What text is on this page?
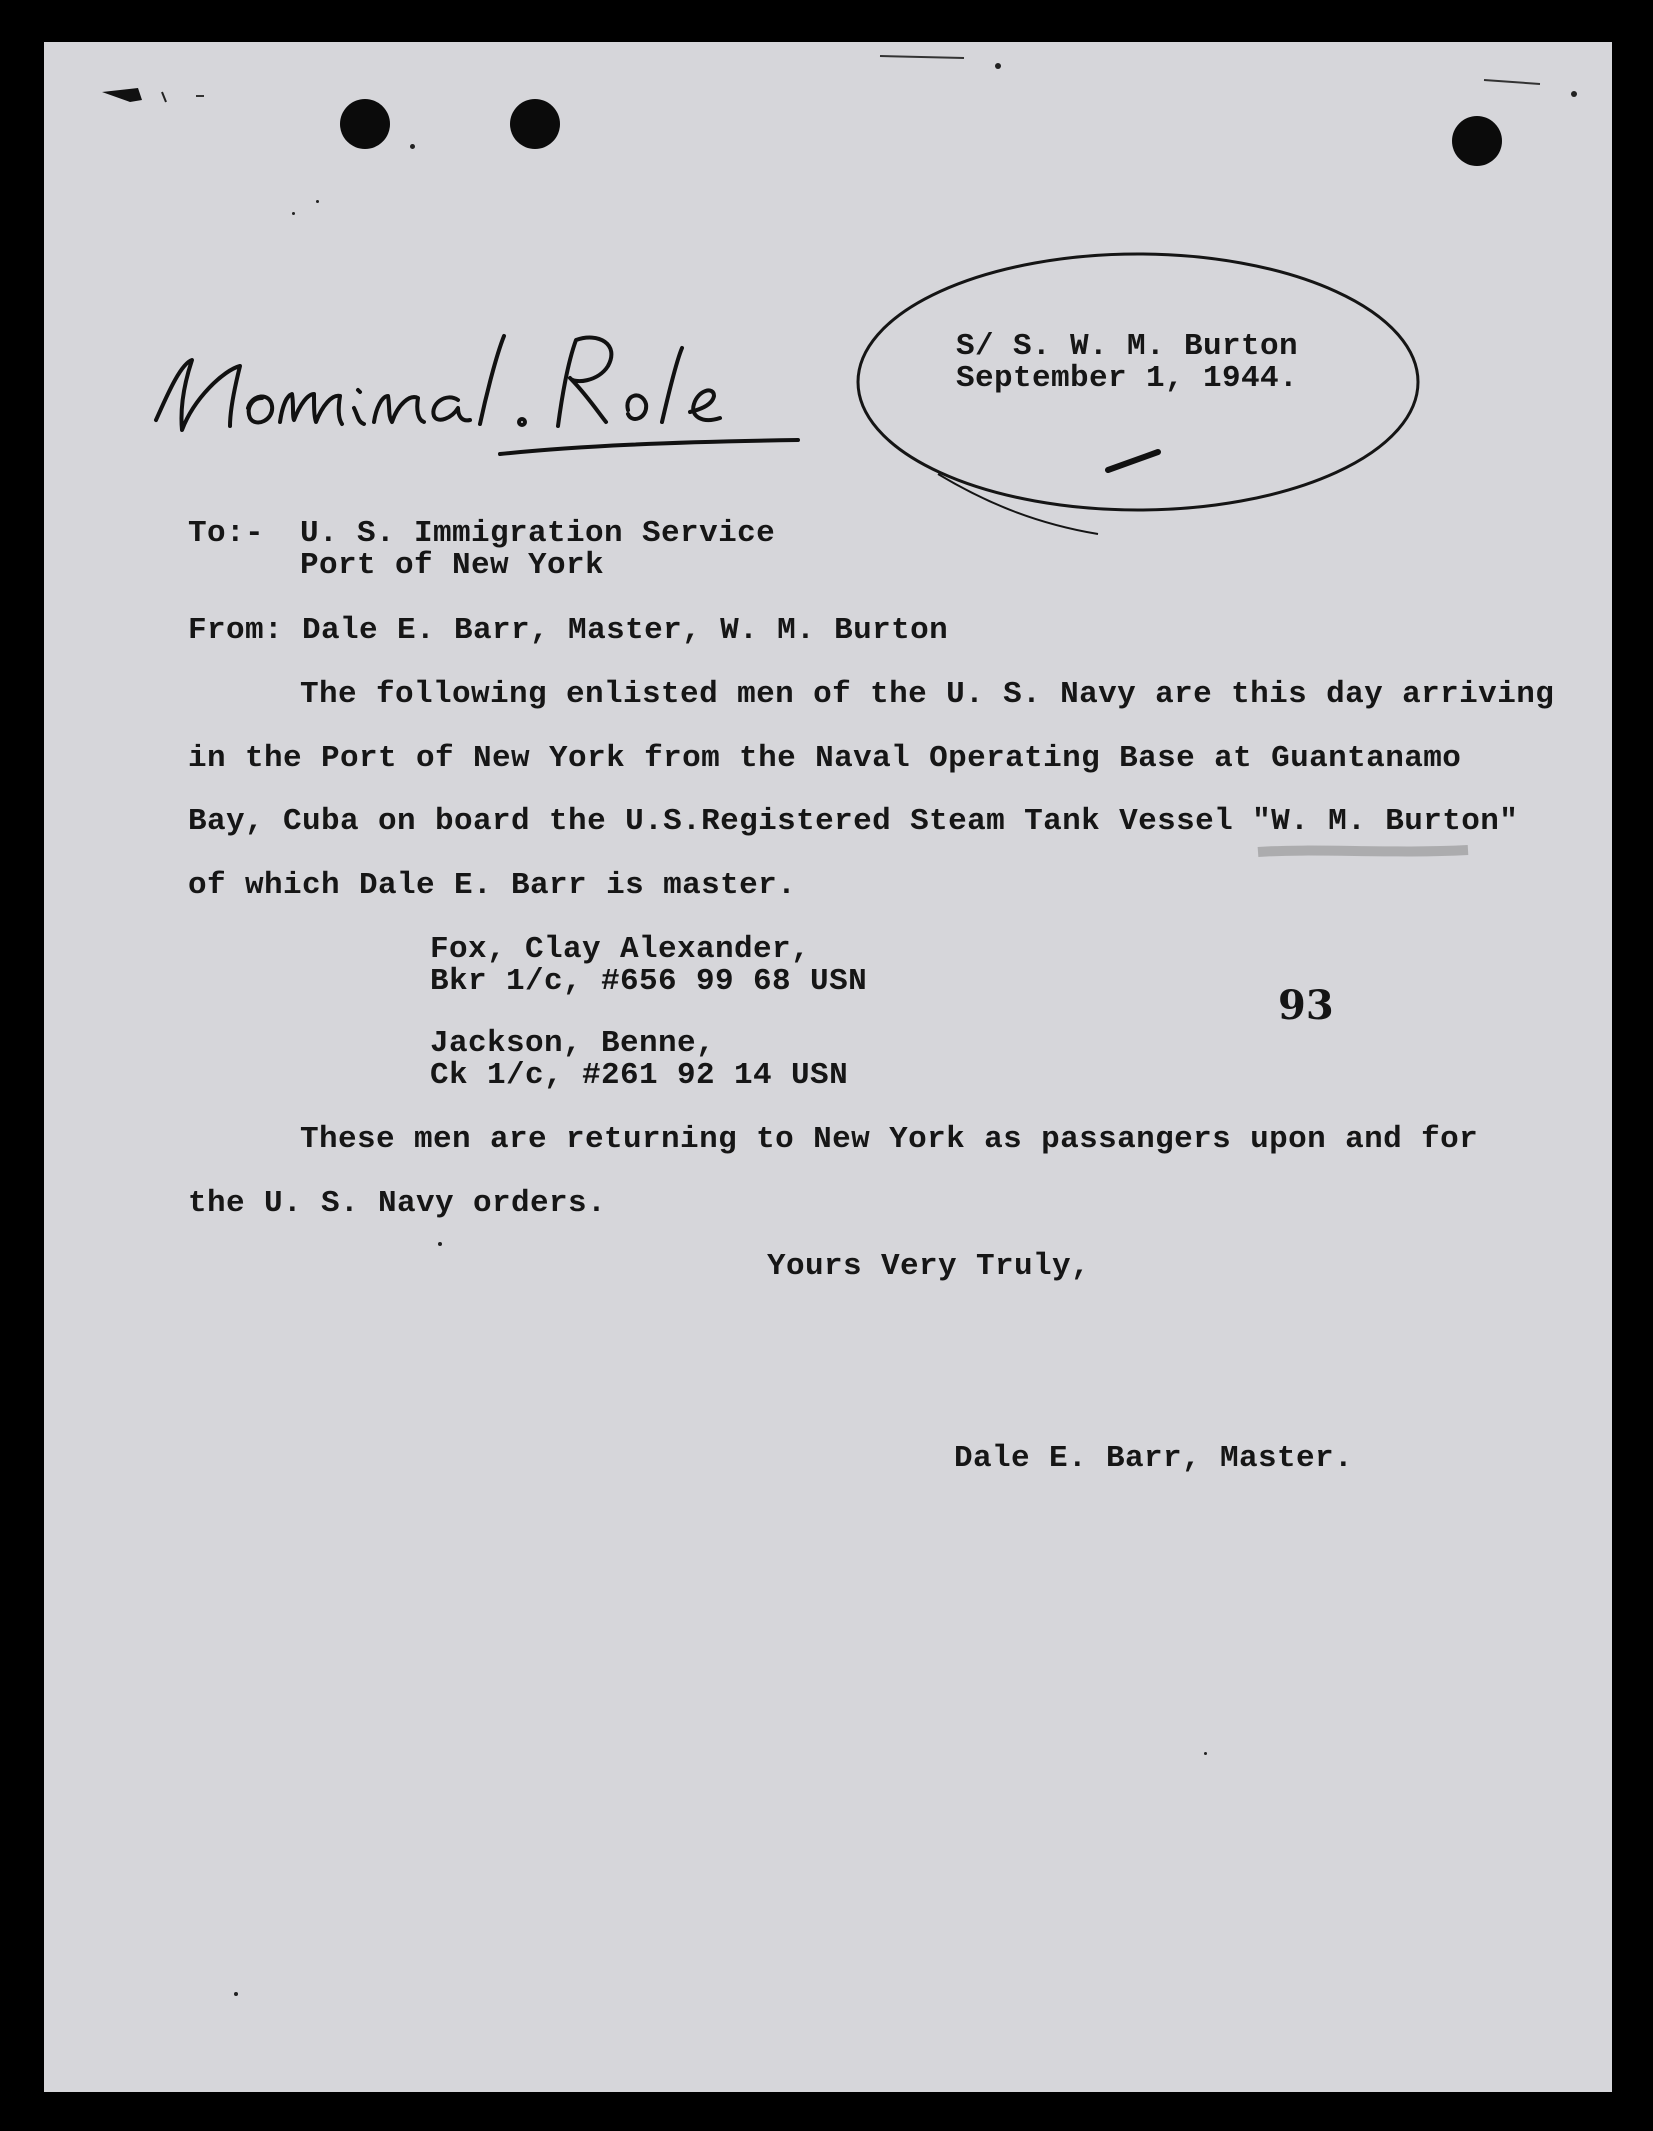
S/ S. W. M. Burton
September 1, 1944.
To:- U. S. Immigration Service
Port of New York
From: Dale E. Barr, Master, W. M. Burton
The following enlisted men of the U. S. Navy are this day arriving
in the Port of New York from the Naval Operating Base at Guantanamo
Bay, Cuba on board the U.S.Registered Steam Tank Vessel "W. M. Burton"
of which Dale E. Barr is master.
Fox, Clay Alexander,
Bkr 1/c, #656 99 68 USN
Jackson, Benne,
Ck 1/c, #261 92 14 USN
93
These men are returning to New York as passangers upon and for
the U. S. Navy orders.
Yours Very Truly,
Dale E. Barr, Master.
